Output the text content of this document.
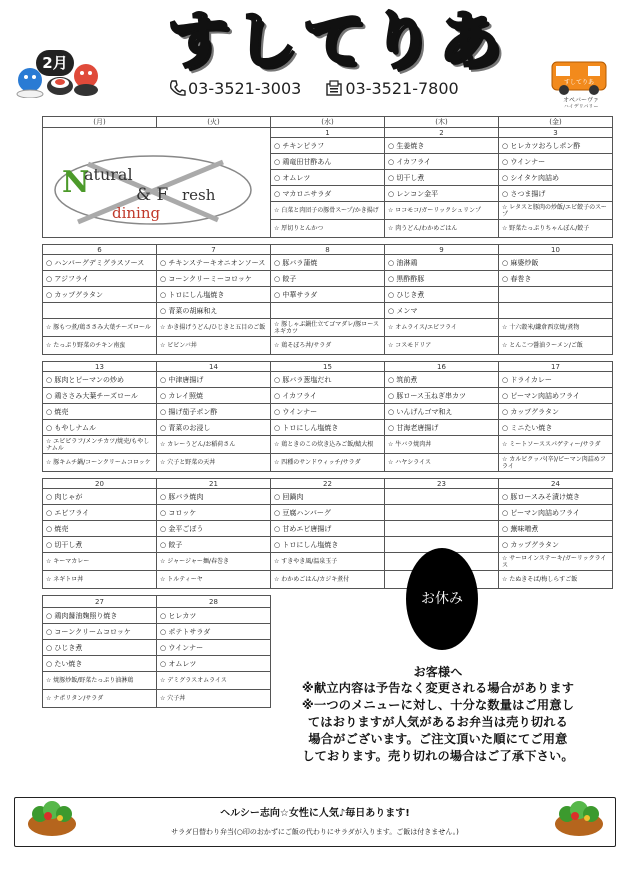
すしてりあ
2月
すしてりあ
オペバーヴァ
ハイデリバリー
03-3521-3003	03-3521-7800
(月)	(火)	(水)	(木)	(金)
		1	2	3
		○ チキンピラフ	○ 生姜焼き	○ ヒレカツおろしポン酢
		○ 鶏竜田甘酢あん	○ イカフライ	○ ウインナー
		○ オムレツ	○ 切干し煮	○ シイタケ肉詰め
		○ マカロニサラダ	○ レンコン金平	○ さつま揚げ
		☆ 白菜と肉団子の豚骨スープ/かき揚げ	☆ ロコモコ/ガーリックシュリンプ	☆ レタスと豚肉の炒飯/エビ餃子のスープ
		☆ 厚切りとんかつ	☆ 肉うどん/わかめごはん	☆ 野菜たっぷりちゃんぽん/餃子

6	7	8	9	10
○ ハンバーグデミグラスソース	○ チキンステーキオニオンソース	○ 豚バラ蒲焼	○ 油淋鶏	○ 麻婆炒飯
○ アジフライ	○ コーンクリーミーコロッケ	○ 餃子	○ 黒酢酢豚	○ 春巻き
○ カップグラタン	○ トロにしん塩焼き	○ 中華サラダ	○ ひじき煮	
	○ 青菜の胡麻和え		○ メンマ	
☆ 豚もつ煮/鶏ささみ大葉チーズロール	☆ かき揚げうどん/ひじきと五目のご飯	☆ 豚しゃぶ鍋仕立てゴマダレ/豚ロースネギカツ	☆ オムライス/エビフライ	☆ 十六穀米/鎌倉西京焼/煮物
☆ たっぷり野菜のチキン南蛮	☆ ビビンバ丼	☆ 鶏そぼろ丼/サラダ	☆ コスモドリア	☆ とんこつ醤油ラーメン/ご飯

13	14	15	16	17
○ 豚肉とピーマンの炒め	○ 中津唐揚げ	○ 豚バラ葱塩だれ	○ 筑前煮	○ ドライカレー
○ 鶏ささみ大葉チーズロール	○ カレイ照焼	○ イカフライ	○ 豚ロース玉ねぎ串カツ	○ ピーマン肉詰めフライ
○ 焼売	○ 揚げ茄子ポン酢	○ ウインナー	○ いんげんゴマ和え	○ カップグラタン
○ もやしナムル	○ 青菜のお浸し	○ トロにしん塩焼き	○ 甘海老唐揚げ	○ ミニたい焼き
☆ エビピラフ/メンチカツ/焼売/もやしナムル	☆ カレーうどん/お稲荷さん	☆ 鶏ときのこの炊き込みご飯/鯖大根	☆ 牛バラ焼肉丼	☆ ミートソーススパゲティー/サラダ
☆ 豚キムチ鍋/コーンクリームコロッケ	☆ 穴子と野菜の天丼	☆ 四種のサンドウィッチ/サラダ	☆ ハヤシライス	☆ カルビクッパ(辛)/ピーマン肉詰めフライ

20	21	22	23	24
○ 肉じゃが	○ 豚バラ焼肉	○ 回鍋肉		○ 豚ロースみそ漬け焼き
○ エビフライ	○ コロッケ	○ 豆腐ハンバーグ		○ ピーマン肉詰めフライ
○ 焼売	○ 金平ごぼう	○ 甘めエビ唐揚げ		○ 蕪味噌煮
○ 切干し煮	○ 餃子	○ トロにしん塩焼き		○ カップグラタン
☆ キーマカレー	☆ ジャージャー麺/春巻き	☆ すきやき風/温泉玉子		☆ サーロインステーキ/ガーリックライス
☆ ネギトロ丼	☆ トルティーヤ	☆ わかめごはん/カジキ煮付		☆ たぬきそば/梅しらすご飯

27	28			
○ 鶏肉醤油麹照り焼き	○ ヒレカツ			
○ コーンクリームコロッケ	○ ポテトサラダ			
○ ひじき煮	○ ウインナー			
○ たい焼き	○ オムレツ			
☆ 焼豚炒飯/野菜たっぷり油淋鶏	☆ デミグラスオムライス			
☆ ナポリタン/サラダ	☆ 穴子丼			
N
atural
& F resh
dining
お休み
お客様へ
※献立内容は予告なく変更される場合があります
※一つのメニューに対し、十分な数量はご用意し
てはおりますが人気があるお弁当は売り切れる
場合がございます。ご注文頂いた順にてご用意
しております。売り切れの場合はご了承下さい。
ヘルシー志向☆女性に人気♪毎日あります!
サラダ日替わり弁当(○印のおかずにご飯の代わりにサラダが入ります。ご飯は付きません。)
